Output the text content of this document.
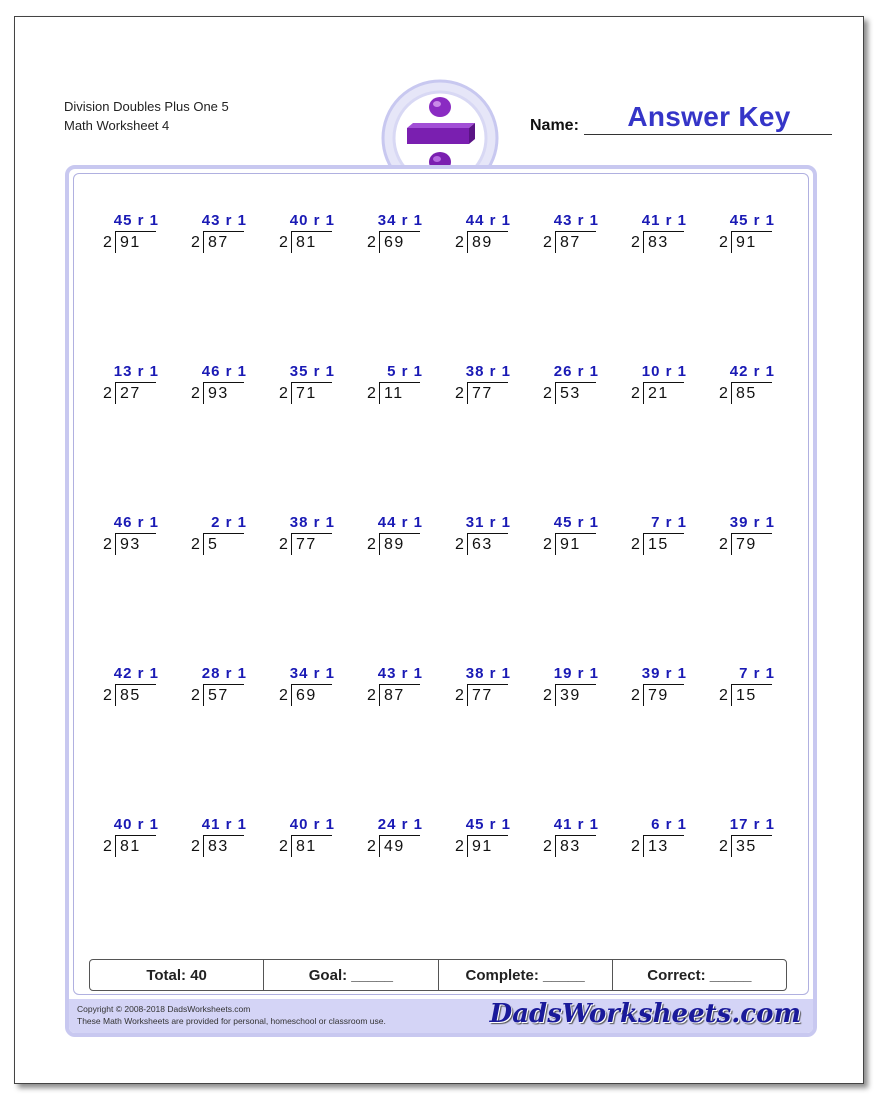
Division Doubles Plus One 5
Math Worksheet 4	Name:	Answer Key
45 r 1
2 91
43 r 1
2 87
40 r 1
2 81
34 r 1
2 69
44 r 1
2 89
43 r 1
2 87
41 r 1
2 83
45 r 1
2 91
13 r 1
2 27
46 r 1
2 93
35 r 1
2 71
5 r 1
2 11
38 r 1
2 77
26 r 1
2 53
10 r 1
2 21
42 r 1
2 85
46 r 1
2 93
2 r 1
2 5
38 r 1
2 77
44 r 1
2 89
31 r 1
2 63
45 r 1
2 91
7 r 1
2 15
39 r 1
2 79
42 r 1
2 85
28 r 1
2 57
34 r 1
2 69
43 r 1
2 87
38 r 1
2 77
19 r 1
2 39
39 r 1
2 79
7 r 1
2 15
40 r 1
2 81
41 r 1
2 83
40 r 1
2 81
24 r 1
2 49
45 r 1
2 91
41 r 1
2 83
6 r 1
2 13
17 r 1
2 35
Total: 40	Goal: _____	Complete: _____	Correct: _____
Copyright © 2008-2018 DadsWorksheets.com
These Math Worksheets are provided for personal, homeschool or classroom use.	DadsWorksheets.com
